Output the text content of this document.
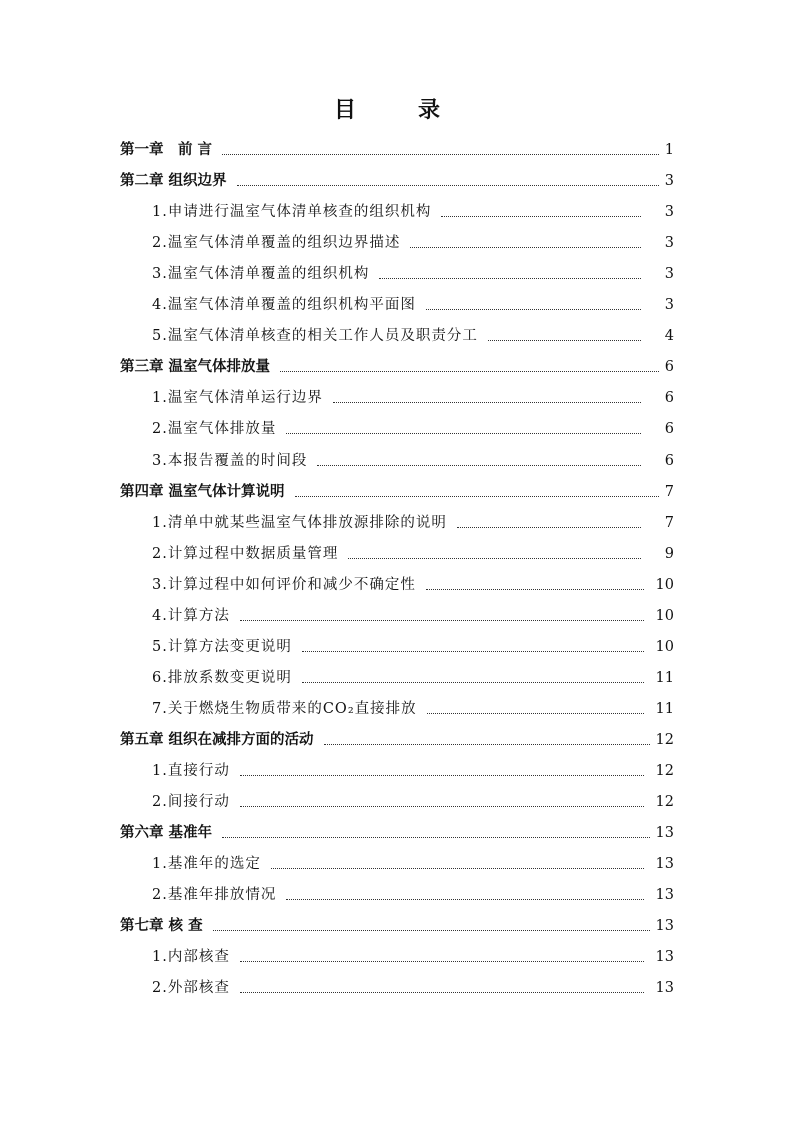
目　录
第一章　前 言	1
第二章 组织边界	3
1.申请进行温室气体清单核查的组织机构	3
2.温室气体清单覆盖的组织边界描述	3
3.温室气体清单覆盖的组织机构	3
4.温室气体清单覆盖的组织机构平面图	3
5.温室气体清单核查的相关工作人员及职责分工	4
第三章 温室气体排放量	6
1.温室气体清单运行边界	6
2.温室气体排放量	6
3.本报告覆盖的时间段	6
第四章 温室气体计算说明	7
1.清单中就某些温室气体排放源排除的说明	7
2.计算过程中数据质量管理	9
3.计算过程中如何评价和减少不确定性	10
4.计算方法	10
5.计算方法变更说明	10
6.排放系数变更说明	11
7.关于燃烧生物质带来的CO₂直接排放	11
第五章 组织在减排方面的活动	12
1.直接行动	12
2.间接行动	12
第六章 基准年	13
1.基准年的选定	13
2.基准年排放情况	13
第七章 核 查	13
1.内部核查	13
2.外部核查	13
